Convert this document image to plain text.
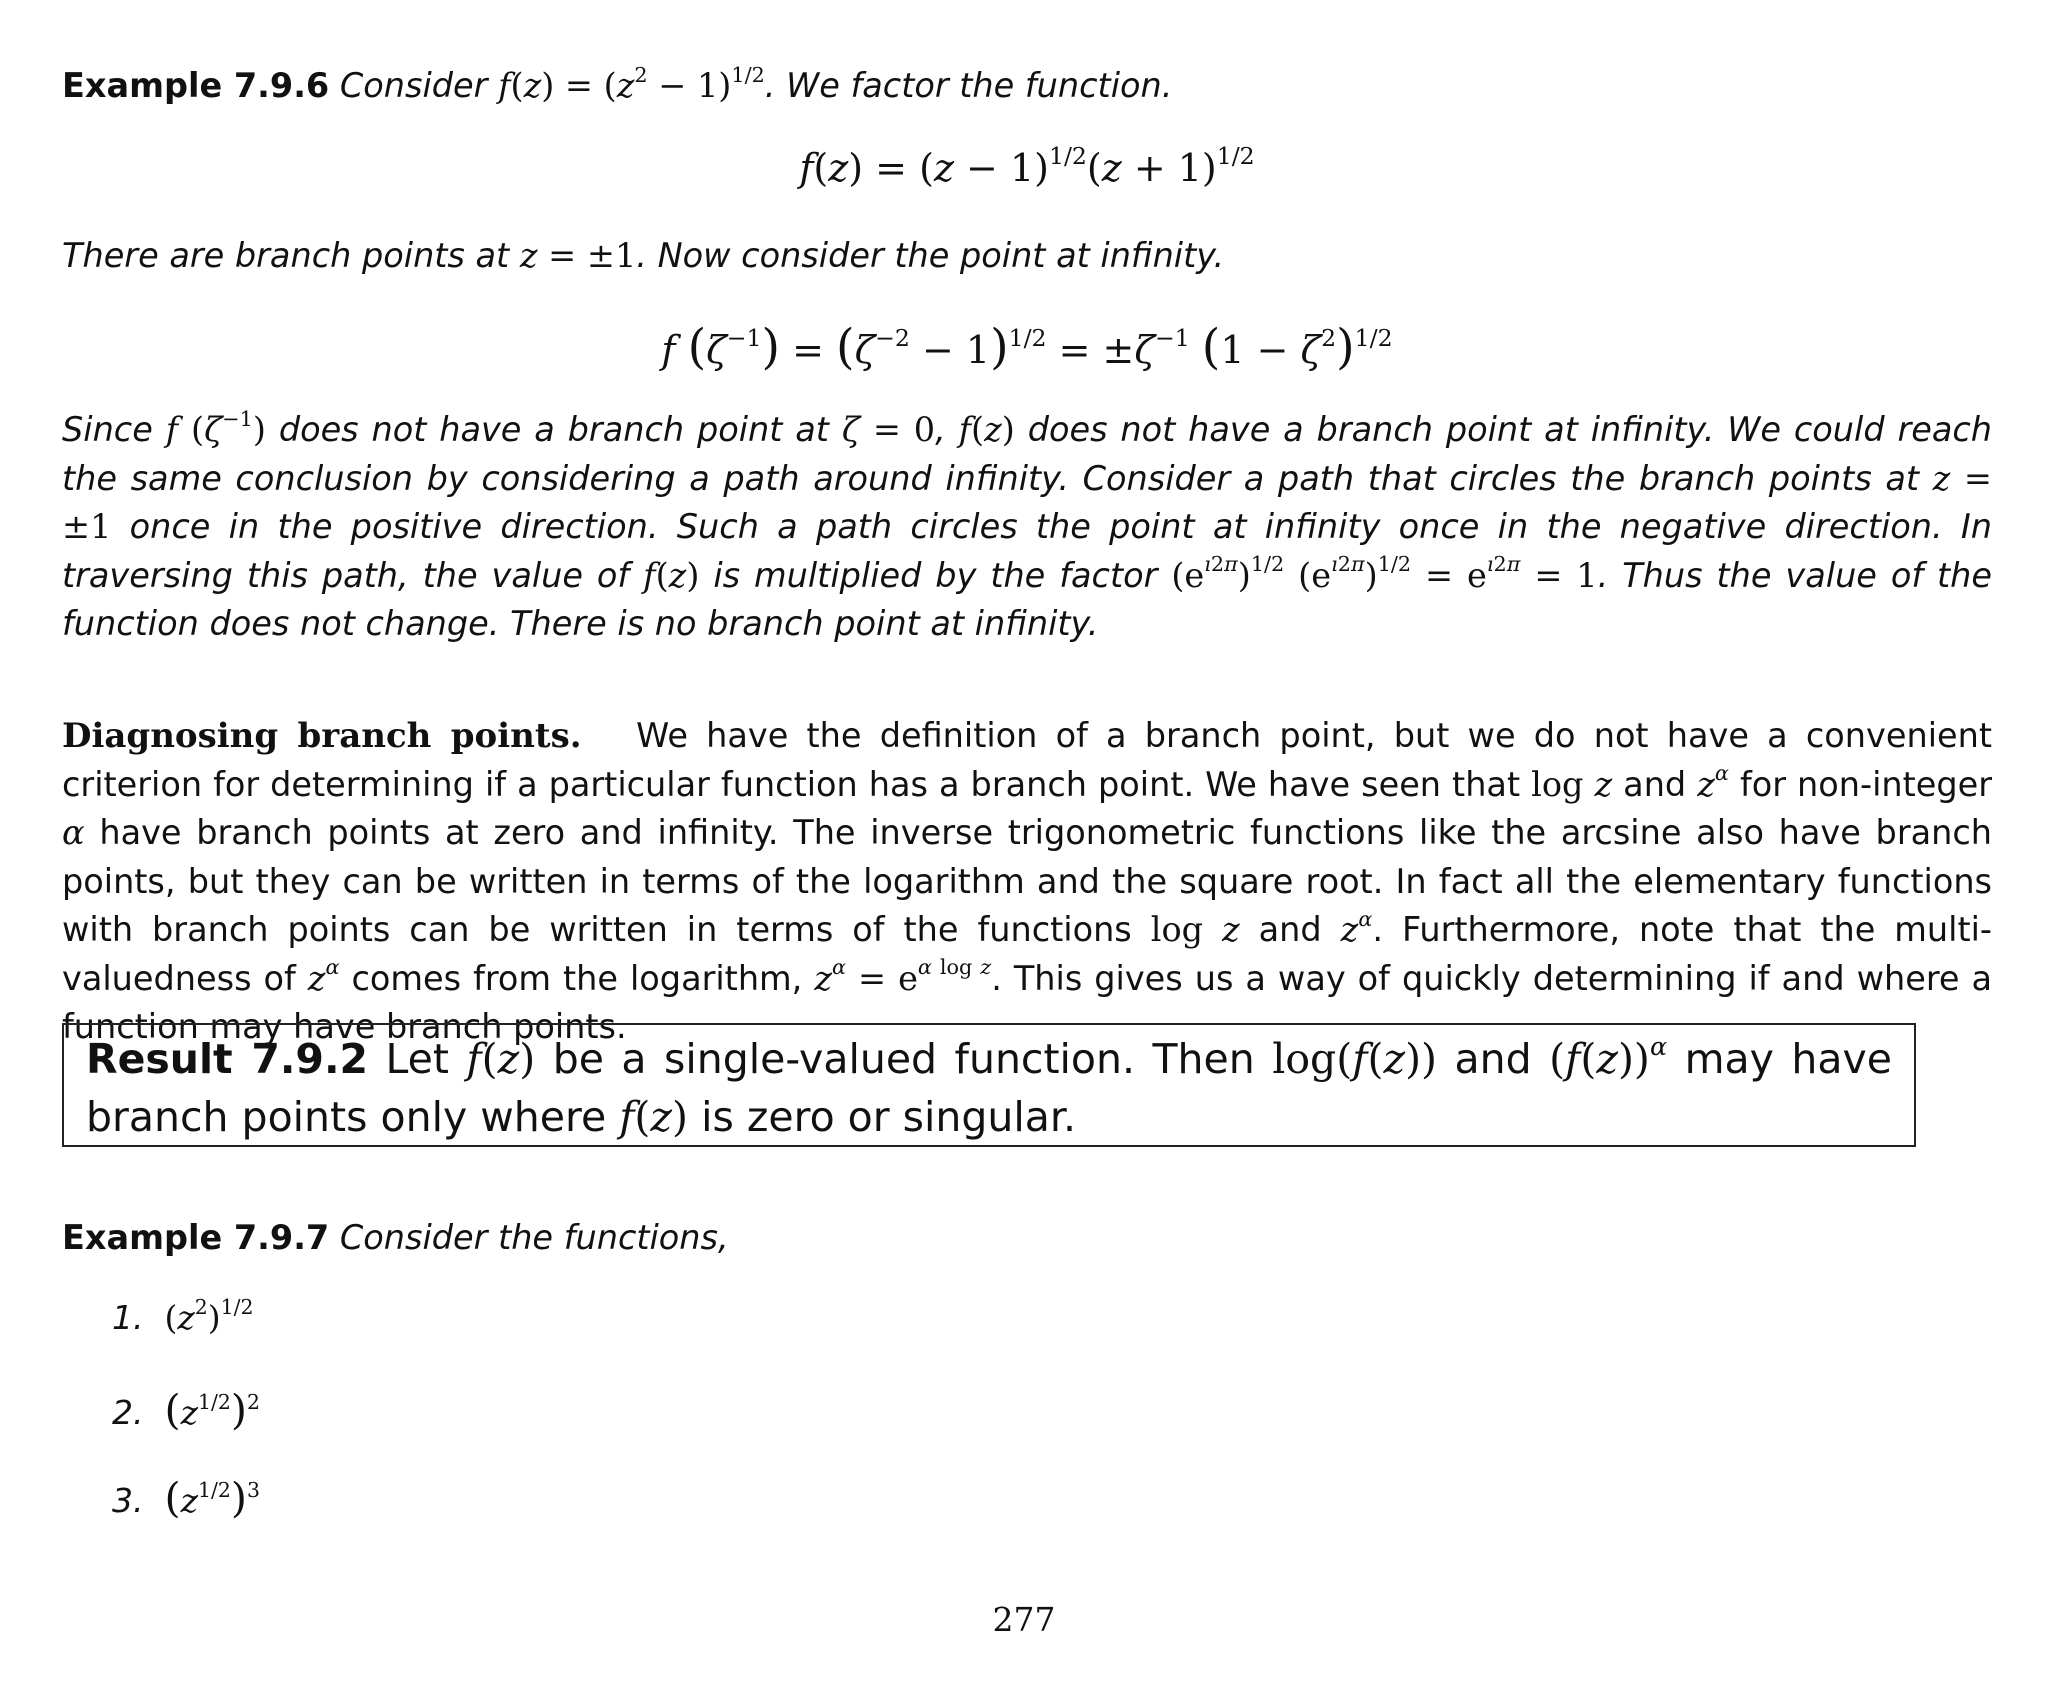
Example 7.9.6 Consider $f(z) = (z^2 - 1)^{1/2}$. We factor the function.
$f(z) = (z - 1)^{1/2}(z + 1)^{1/2}$
There are branch points at z = ±1. Now consider the point at infinity.
f $(\zeta^{-1}) = (\zeta^{-2} - 1)^{1/2} = \pm\zeta^{-1}$ $(1 - \zeta^2)^{1/2}$
Since f $(\zeta^{-1})$ does not have a branch point at ζ = 0, f(z) does not have a branch point at infinity. We could reach the same conclusion by considering a path around infinity. Consider a path that circles the branch points at z = ±1 once in the positive direction. Such a path circles the point at infinity once in the negative direction. In traversing this path, the value of f(z) is multiplied by the factor $(e^{ı2\pi})^{1/2}$ $(e^{ı2\pi})^{1/2} = e^{ı2\pi} = 1$. Thus the value of the function does not change. There is no branch point at infinity.
Diagnosing branch points. We have the definition of a branch point, but we do not have a convenient criterion for determining if a particular function has a branch point. We have seen that log z and $z^\alpha$ for non-integer α have branch points at zero and infinity. The inverse trigonometric functions like the arcsine also have branch points, but they can be written in terms of the logarithm and the square root. In fact all the elementary functions with branch points can be written in terms of the functions log z and $z^\alpha$. Furthermore, note that the multi-valuedness of $z^\alpha$ comes from the logarithm, $z^\alpha = e^{\alpha log z}$. This gives us a way of quickly determining if and where a function may have branch points.
Result 7.9.2 Let f(z) be a single-valued function. Then log(f(z)) and $(f(z))^\alpha$ may have branch points only where f(z) is zero or singular.
Example 7.9.7 Consider the functions,
1.  $(z^2)^{1/2}$
2. $(z^{1/2})^2$
3. $(z^{1/2})^3$
277
